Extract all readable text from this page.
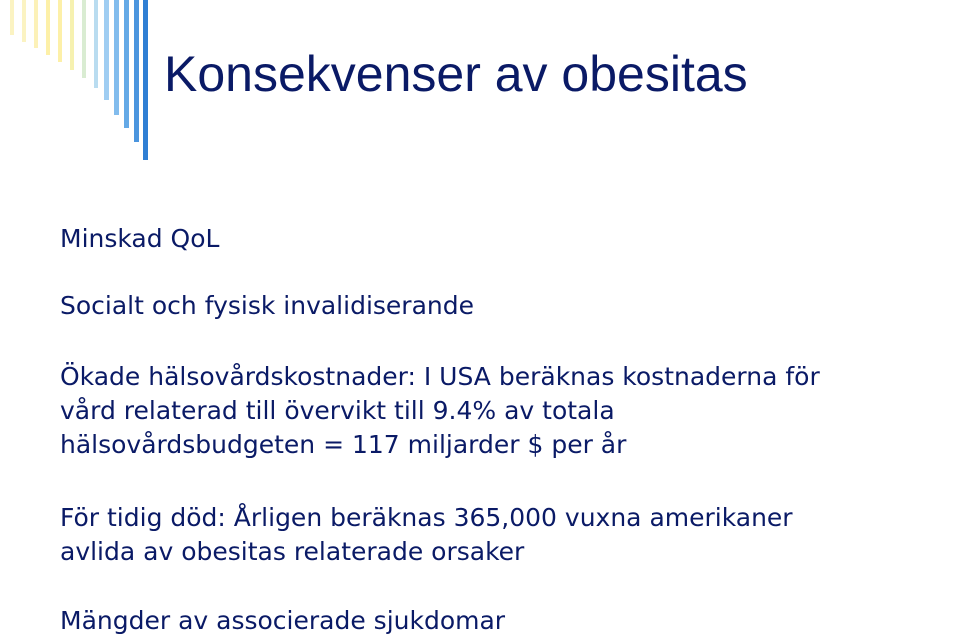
Konsekvenser av obesitas

Minskad QoL

Socialt och fysisk invalidiserande

Ökade hälsovårdskostnader: I USA beräknas kostnaderna för
vård relaterad till övervikt till 9.4% av totala
hälsovårdsbudgeten = 117 miljarder $ per år

För tidig död: Årligen beräknas 365,000 vuxna amerikaner
avlida av obesitas relaterade orsaker

Mängder av associerade sjukdomar
